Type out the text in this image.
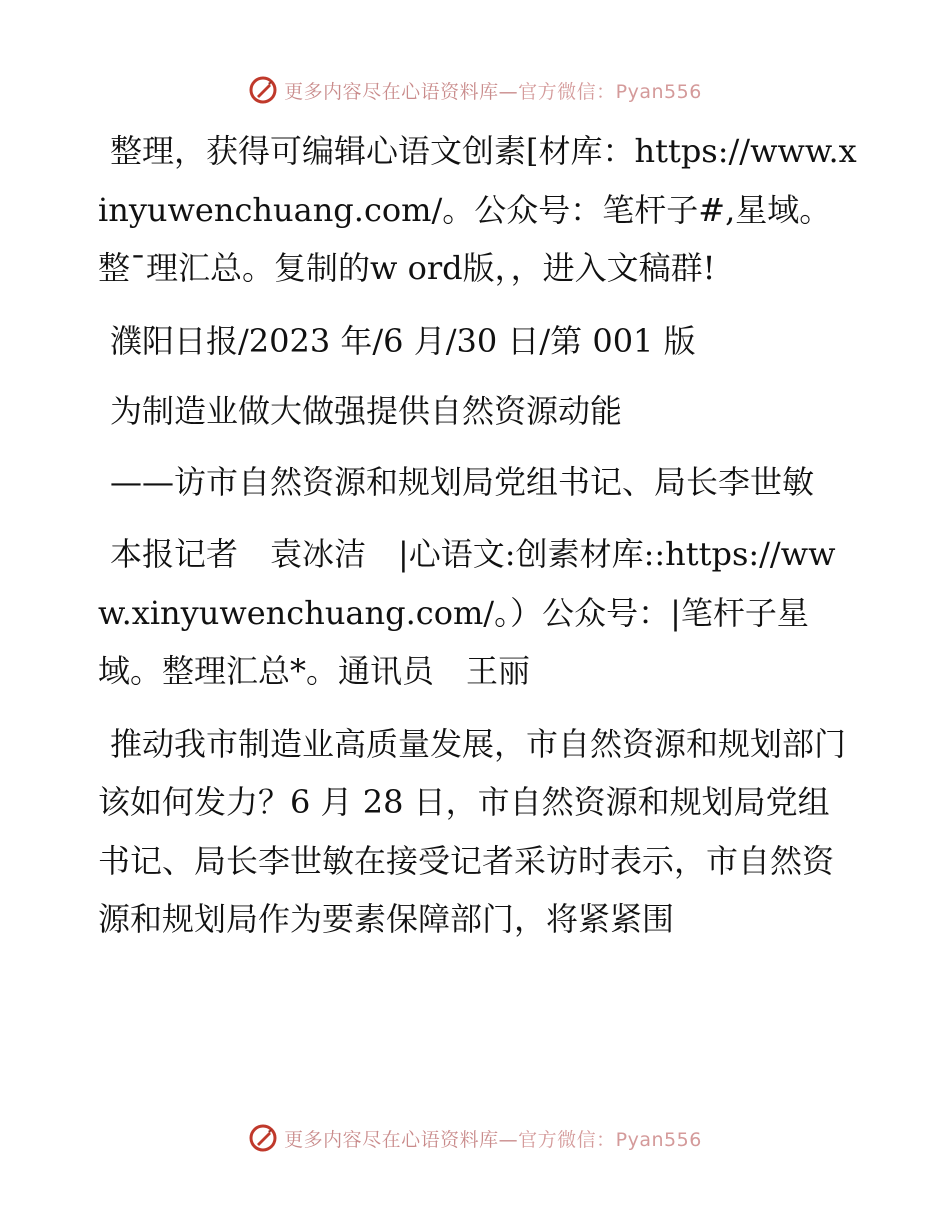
更多内容尽在心语资料库—官方微信：Pyan556

整理，获得可编辑心语文创素[材库：https://www.xinyuwenchuang.com/。公众号：笔杆子#,星域。整¯理汇总。复制的w ord版，，进入文稿群!

濮阳日报/2023 年/6 月/30 日/第 001 版

为制造业做大做强提供自然资源动能

——访市自然资源和规划局党组书记、局长李世敏

本报记者　袁冰洁　|心语文:创素材库::https://www.xinyuwenchuang.com/。）公众号：|笔杆子星域。整理汇总*。通讯员　王丽

推动我市制造业高质量发展，市自然资源和规划部门该如何发力？6 月 28 日，市自然资源和规划局党组书记、局长李世敏在接受记者采访时表示，市自然资源和规划局作为要素保障部门，将紧紧围

更多内容尽在心语资料库—官方微信：Pyan556
